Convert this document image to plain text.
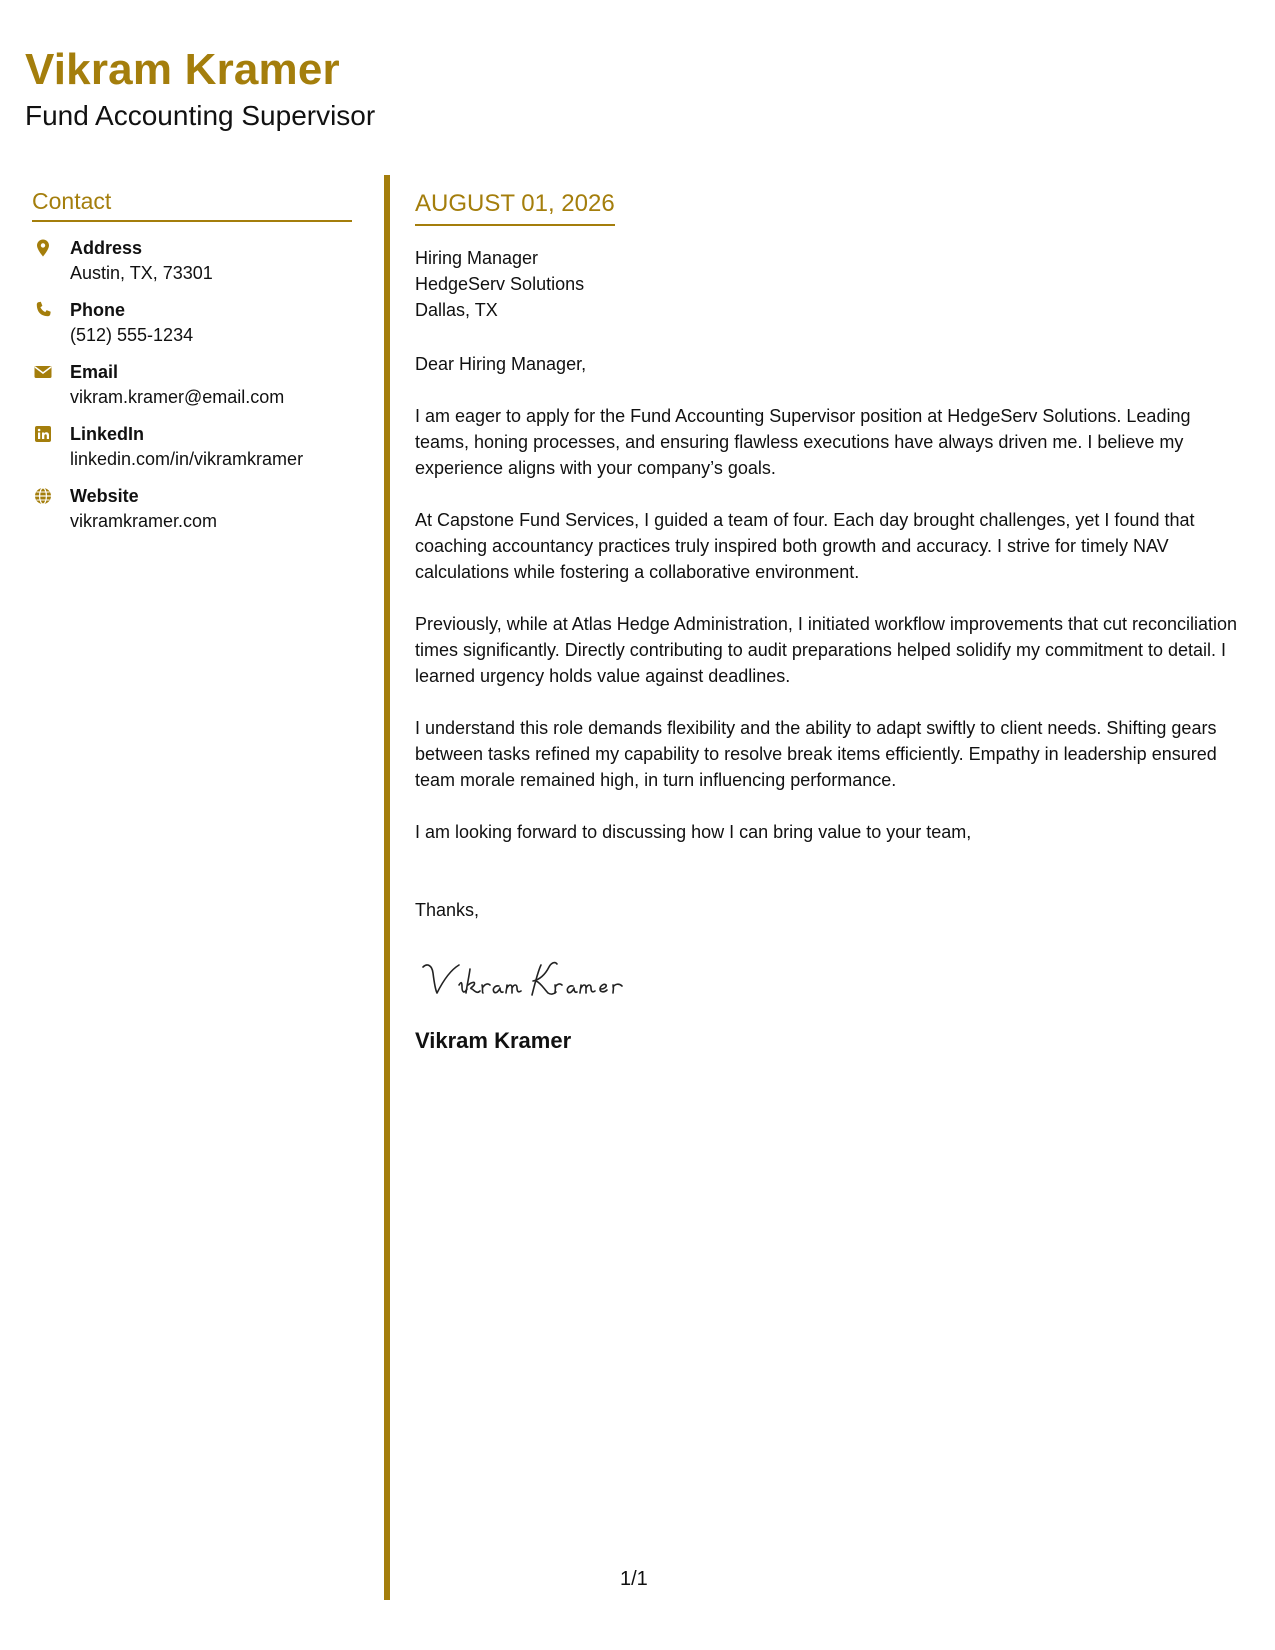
Vikram Kramer
Fund Accounting Supervisor
Contact
Address
Austin, TX, 73301
Phone
(512) 555-1234
Email
vikram.kramer@email.com
LinkedIn
linkedin.com/in/vikramkramer
Website
vikramkramer.com
AUGUST 01, 2026
Hiring Manager
HedgeServ Solutions
Dallas, TX
Dear Hiring Manager,
I am eager to apply for the Fund Accounting Supervisor position at HedgeServ Solutions. Leading teams, honing processes, and ensuring flawless executions have always driven me. I believe my experience aligns with your company’s goals.
At Capstone Fund Services, I guided a team of four. Each day brought challenges, yet I found that coaching accountancy practices truly inspired both growth and accuracy. I strive for timely NAV calculations while fostering a collaborative environment.
Previously, while at Atlas Hedge Administration, I initiated workflow improvements that cut reconciliation times significantly. Directly contributing to audit preparations helped solidify my commitment to detail. I learned urgency holds value against deadlines.
I understand this role demands flexibility and the ability to adapt swiftly to client needs. Shifting gears between tasks refined my capability to resolve break items efficiently. Empathy in leadership ensured team morale remained high, in turn influencing performance.
I am looking forward to discussing how I can bring value to your team,
Thanks,
Vikram Kramer
1/1
